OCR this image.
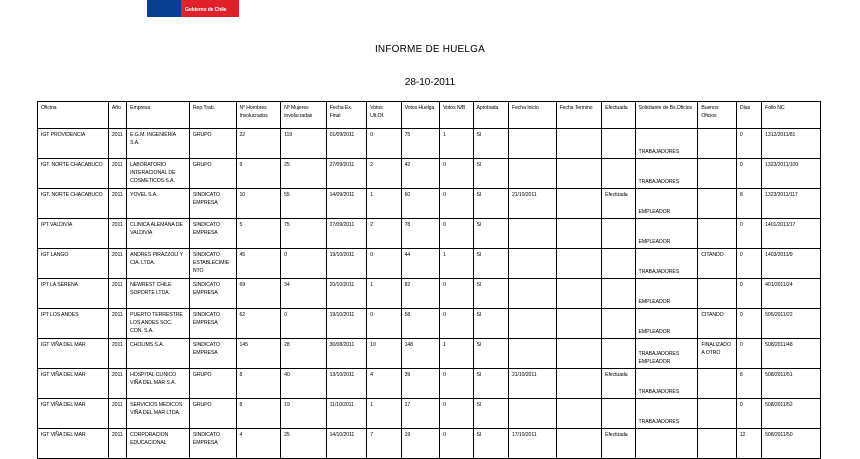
Gobierno de Chile
INFORME DE HUELGA
28-10-2011
Oficina	Año	Empresa	Rep.Trab.	Nº Hombres Involucrados	Nº Mujeres Involucradas	Fecha Ex. Final	Votos Ult.Of.	Votos Huelga	Votos N/B	Aprobada	Fecha Inicio	Fecha Termino	Efectuada	Solicitante de Bs.Oficios	Buenos Oficios	Días	Folio NC
IGT PROVIDENCIA	2011	E.G.M. INGENIERÍA S.A.	GRUPO	22	119	01/09/2011	0	75	1	SI				TRABAJADORES		0	1312/2011/81
IGT. NORTE CHACABUCO	2011	LABORATORIO INTERACIONAL DE COSMETICOS S.A.	GRUPO	9	25	27/09/2011	2	42	0	SI				TRABAJADORES		0	1323/2011/109
IGT. NORTE CHACABUCO	2011	YOVEL S.A.	SINDICATO EMPRESA	10	55	14/09/2011	1	60	0	SI	21/10/2011		Efectuada	EMPLEADOR		8	1323/2011/117
IPT VALDIVIA	2011	CLINICA ALEMANA DE VALDIVIA	SINDICATO EMPRESA	5	75	27/09/2011	2	78	0	SI				EMPLEADOR		0	1401/2011/17
IGT LANGO	2011	ANDRES PIRAZZOLI Y CIA. LTDA.	SINDICATO ESTABLECIMIENTO	45	0	19/10/2011	0	44	1	SI				TRABAJADORES	CITANDO	0	1403/2011/9
IPT LA SERENA	2011	NEWREST CHILE SOPORTE LTDA.	SINDICATO EMPRESA	69	34	20/10/2011	1	82	0	SI				EMPLEADOR		0	401/2011/24
IPT LOS ANDES	2011	PUERTO TERRESTRE LOS ANDES SOC. CON. S.A.	SINDICATO EMPRESA	62	0	19/10/2011	0	58	0	SI				EMPLEADOR	CITANDO	0	505/2011/22
IGT VIÑA DEL MAR	2011	CHOLIMS S.A.	SINDICATO EMPRESA	145	28	30/08/2011	10	148	1	SI				TRABAJADORES EMPLEADOR	FINALIZADO A OTRO	0	508/2011/48
IGT VIÑA DEL MAR	2011	HOSPITAL CLINICO VIÑA DEL MAR S.A.	GRUPO	8	40	13/10/2011	4	39	0	SI	21/10/2011		Efectuada	TRABAJADORES		8	508/2011/51
IGT VIÑA DEL MAR	2011	SERVICIOS MEDICOS VIÑA DEL MAR LTDA.	GRUPO	8	19	11/10/2011	1	17	0	SI				TRABAJADORES		0	508/2011/52
IGT VIÑA DEL MAR	2011	CORPORACION EDUCACIONAL	SINDICATO EMPRESA	4	25	14/10/2011	7	19	0	SI	17/10/2011		Efectuada			12	508/2011/50
